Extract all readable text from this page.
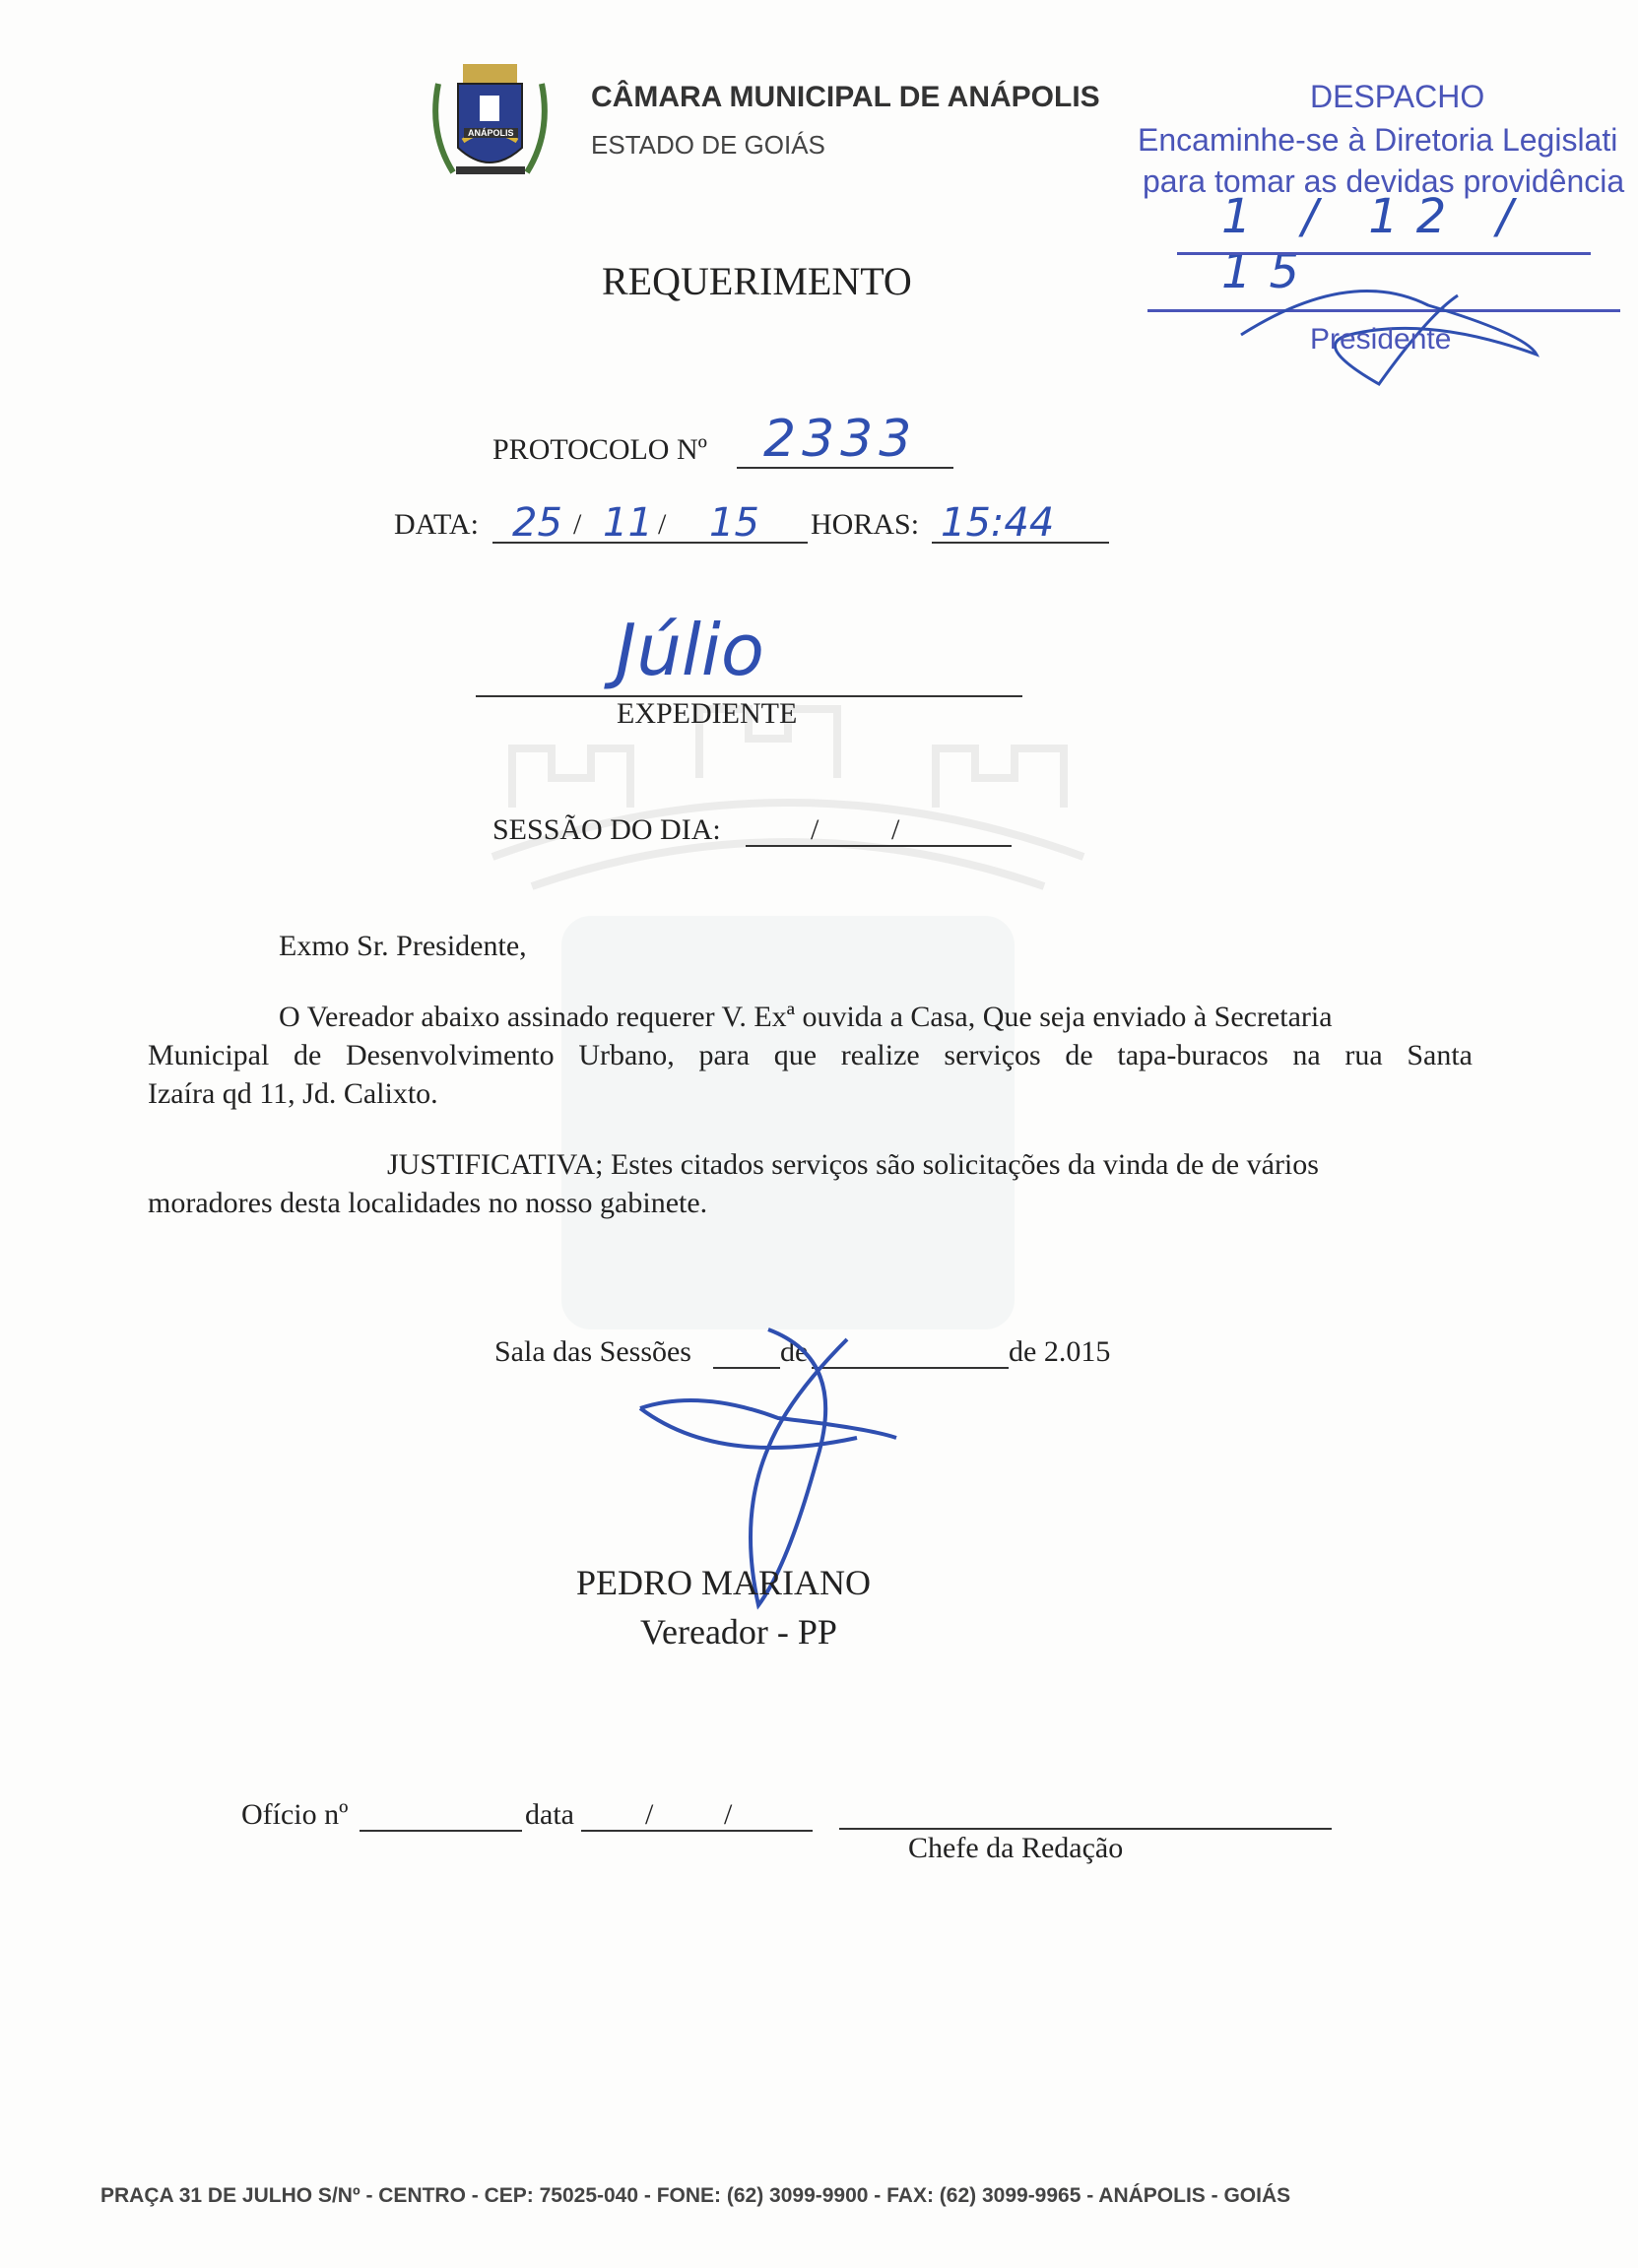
ANÁPOLIS
CÂMARA MUNICIPAL DE ANÁPOLIS
ESTADO DE GOIÁS
DESPACHO
Encaminhe-se à Diretoria Legislati
para tomar as devidas providência
1 / 12 / 15
Presidente
REQUERIMENTO
PROTOCOLO Nº 2333
DATA: 25 / 11 / 15 HORAS: 15:44
Júlio
EXPEDIENTE
SESSÃO DO DIA:	/ /
Exmo Sr. Presidente,
O Vereador abaixo assinado requerer V. Exª ouvida a Casa, Que seja enviado à Secretaria
Municipal de Desenvolvimento Urbano, para que realize serviços de tapa-buracos na rua Santa
Izaíra qd 11, Jd. Calixto.
JUSTIFICATIVA; Estes citados serviços são solicitações da vinda de de vários
moradores desta localidades no nosso gabinete.
Sala das Sessões	de	de 2.015
PEDRO MARIANO
Vereador - PP
Ofício nº	data / /
Chefe da Redação
PRAÇA 31 DE JULHO S/Nº - CENTRO - CEP: 75025-040 - FONE: (62) 3099-9900 - FAX: (62) 3099-9965 - ANÁPOLIS - GOIÁS
